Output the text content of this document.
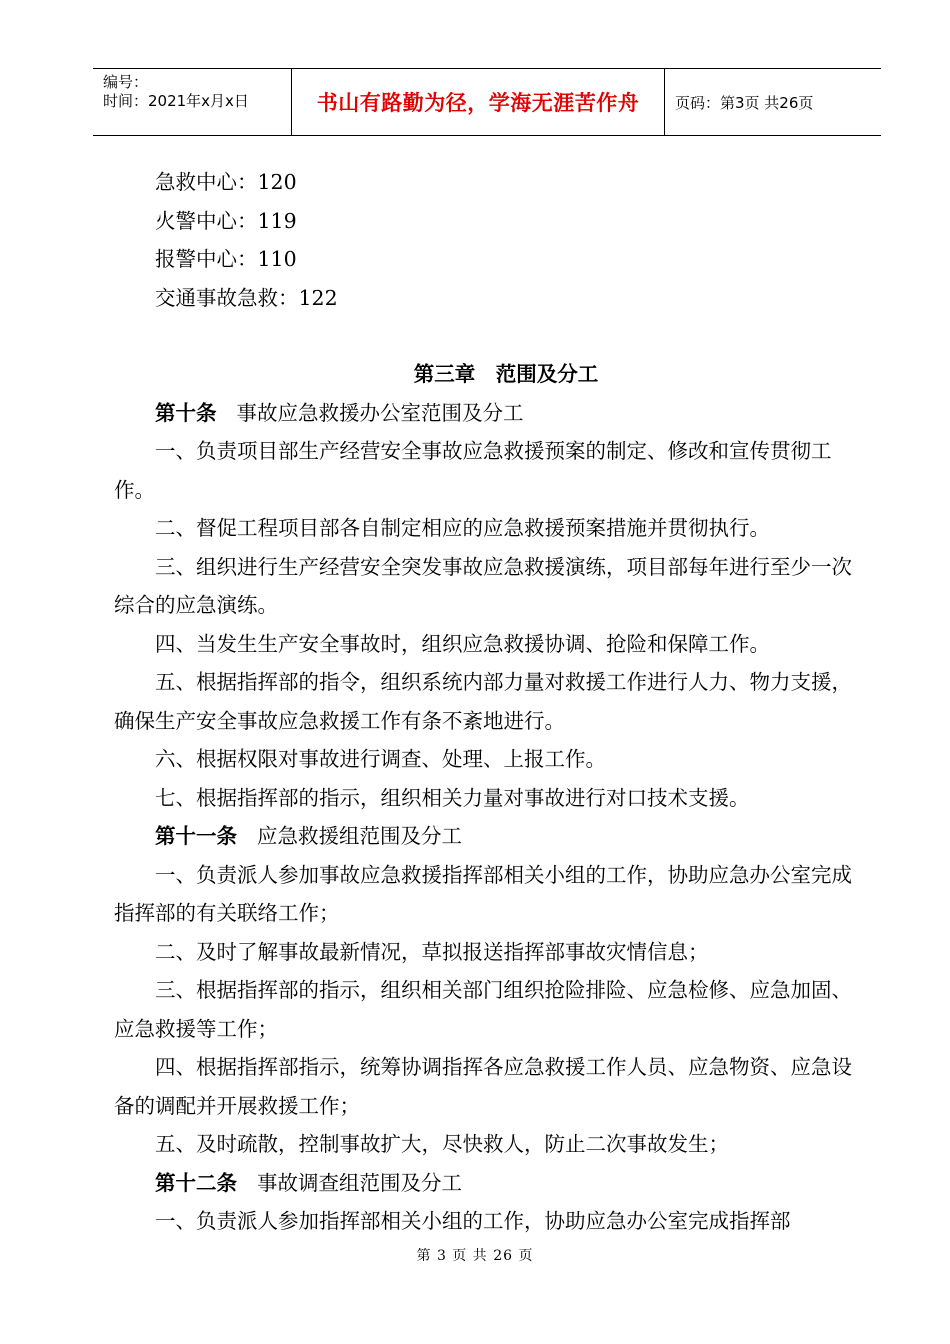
编号：
时间：2021年x月x日	书山有路勤为径，学海无涯苦作舟	页码：第3页 共26页

急救中心：120

火警中心：119

报警中心：110

交通事故急救：122

第三章　范围及分工

第十条 事故应急救援办公室范围及分工

一、负责项目部生产经营安全事故应急救援预案的制定、修改和宣传贯彻工作。

二、督促工程项目部各自制定相应的应急救援预案措施并贯彻执行。

三、组织进行生产经营安全突发事故应急救援演练，项目部每年进行至少一次综合的应急演练。

四、当发生生产安全事故时，组织应急救援协调、抢险和保障工作。

五、根据指挥部的指令，组织系统内部力量对救援工作进行人力、物力支援，确保生产安全事故应急救援工作有条不紊地进行。

六、根据权限对事故进行调查、处理、上报工作。

七、根据指挥部的指示，组织相关力量对事故进行对口技术支援。

第十一条 应急救援组范围及分工

一、负责派人参加事故应急救援指挥部相关小组的工作，协助应急办公室完成指挥部的有关联络工作；

二、及时了解事故最新情况，草拟报送指挥部事故灾情信息；

三、根据指挥部的指示，组织相关部门组织抢险排险、应急检修、应急加固、应急救援等工作；

四、根据指挥部指示，统筹协调指挥各应急救援工作人员、应急物资、应急设备的调配并开展救援工作；

五、及时疏散，控制事故扩大，尽快救人，防止二次事故发生；

第十二条 事故调查组范围及分工

一、负责派人参加指挥部相关小组的工作，协助应急办公室完成指挥部

第 3 页 共 26 页
